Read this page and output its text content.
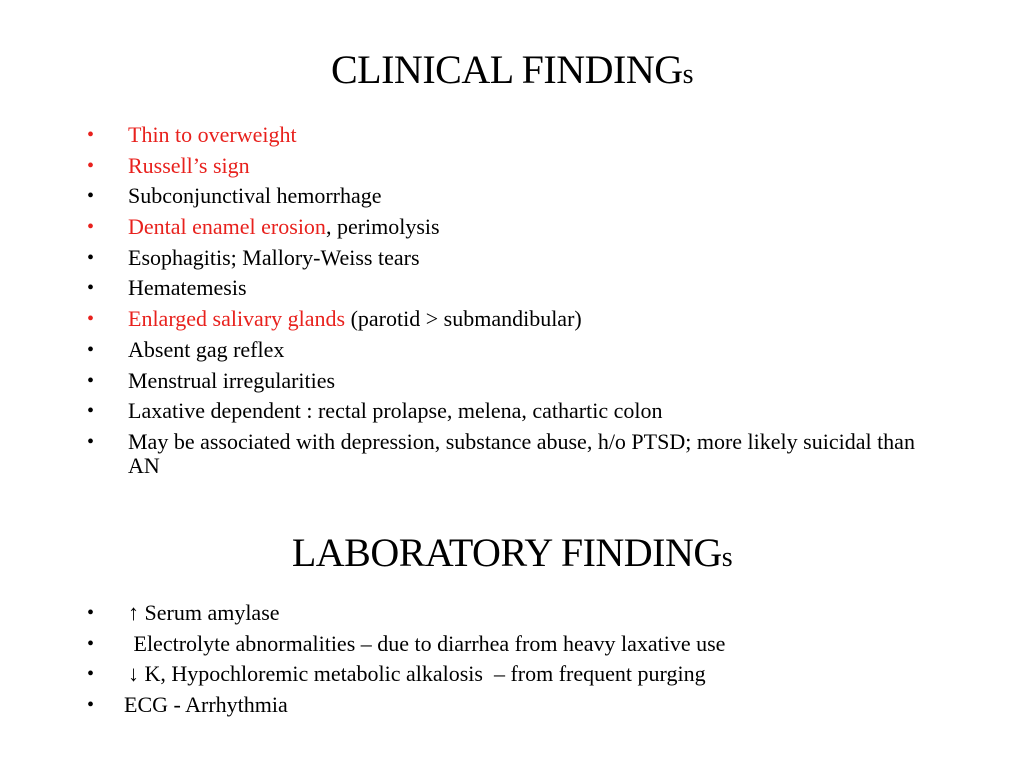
CLINICAL FINDINGs
•	Thin to overweight
•	Russell’s sign
•	Subconjunctival hemorrhage
•	Dental enamel erosion, perimolysis
•	Esophagitis; Mallory-Weiss tears
•	Hematemesis
•	Enlarged salivary glands (parotid > submandibular)
•	Absent gag reflex
•	Menstrual irregularities
•	Laxative dependent : rectal prolapse, melena, cathartic colon
•	May be associated with depression, substance abuse, h/o PTSD; more likely suicidal than AN
LABORATORY FINDINGs
•	↑ Serum amylase
•	Electrolyte abnormalities – due to diarrhea from heavy laxative use
•	↓ K, Hypochloremic metabolic alkalosis  – from frequent purging
•	ECG - Arrhythmia
